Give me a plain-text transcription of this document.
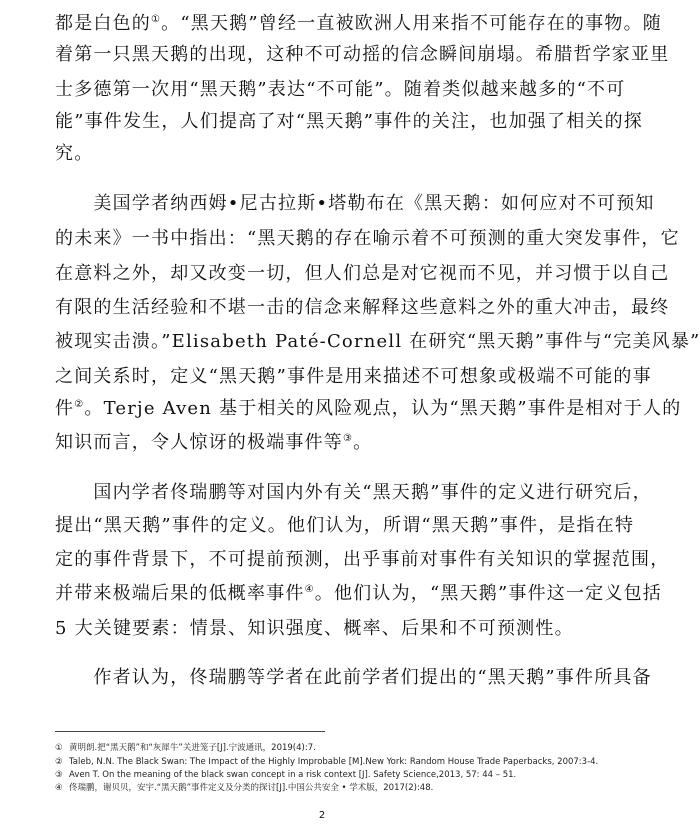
都是白色的①。“黑天鹅”曾经一直被欧洲人用来指不可能存在的事物。随
着第一只黑天鹅的出现，这种不可动摇的信念瞬间崩塌。希腊哲学家亚里
士多德第一次用“黑天鹅”表达“不可能”。随着类似越来越多的“不可
能”事件发生，人们提高了对“黑天鹅”事件的关注，也加强了相关的探
究。
　　美国学者纳西姆•尼古拉斯•塔勒布在《黑天鹅：如何应对不可预知
的未来》一书中指出：“黑天鹅的存在喻示着不可预测的重大突发事件，它
在意料之外，却又改变一切，但人们总是对它视而不见，并习惯于以自己
有限的生活经验和不堪一击的信念来解释这些意料之外的重大冲击，最终
被现实击溃。”Elisabeth Paté-Cornell 在研究“黑天鹅”事件与“完美风暴”
之间关系时，定义“黑天鹅”事件是用来描述不可想象或极端不可能的事
件②。Terje Aven 基于相关的风险观点，认为“黑天鹅”事件是相对于人的
知识而言，令人惊讶的极端事件等③。
　　国内学者佟瑞鹏等对国内外有关“黑天鹅”事件的定义进行研究后，
提出“黑天鹅”事件的定义。他们认为，所谓“黑天鹅”事件，是指在特
定的事件背景下，不可提前预测，出乎事前对事件有关知识的掌握范围，
并带来极端后果的低概率事件④。他们认为，“黑天鹅”事件这一定义包括
5 大关键要素：情景、知识强度、概率、后果和不可预测性。
　　作者认为，佟瑞鹏等学者在此前学者们提出的“黑天鹅”事件所具备
① 黄明朗.把“黑天鹅”和“灰犀牛”关进笼子[J].宁波通讯，2019(4):7.
② Taleb, N.N. The Black Swan: The Impact of the Highly Improbable [M].New York: Random House Trade Paperbacks, 2007:3-4.
③ Aven T. On the meaning of the black swan concept in a risk context [J]. Safety Science,2013, 57: 44 – 51.
④ 佟瑞鹏，谢贝贝，安宇.“黑天鹅”事件定义及分类的探讨[J].中国公共安全 • 学术版，2017(2):48.
2
